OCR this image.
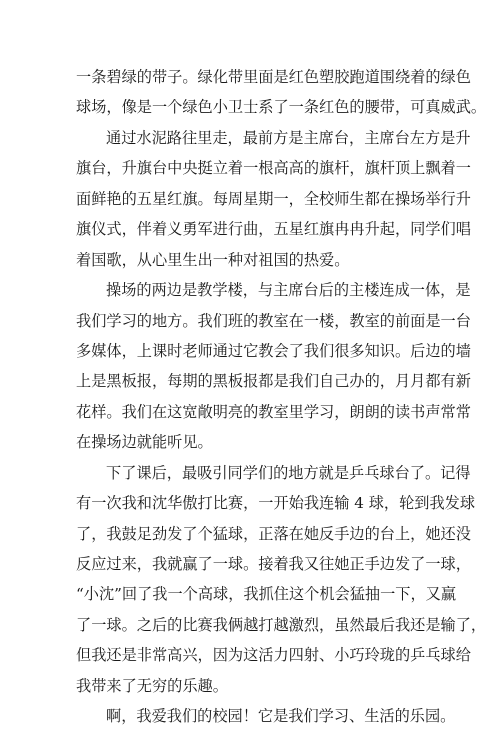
一条碧绿的带子。绿化带里面是红色塑胶跑道围绕着的绿色
球场，像是一个绿色小卫士系了一条红色的腰带，可真威武。
通过水泥路往里走，最前方是主席台，主席台左方是升
旗台，升旗台中央挺立着一根高高的旗杆，旗杆顶上飘着一
面鲜艳的五星红旗。每周星期一，全校师生都在操场举行升
旗仪式，伴着义勇军进行曲，五星红旗冉冉升起，同学们唱
着国歌，从心里生出一种对祖国的热爱。
操场的两边是教学楼，与主席台后的主楼连成一体，是
我们学习的地方。我们班的教室在一楼，教室的前面是一台
多媒体，上课时老师通过它教会了我们很多知识。后边的墙
上是黑板报，每期的黑板报都是我们自己办的，月月都有新
花样。我们在这宽敞明亮的教室里学习，朗朗的读书声常常
在操场边就能听见。
下了课后，最吸引同学们的地方就是乒乓球台了。记得
有一次我和沈华傲打比赛，一开始我连输 4 球，轮到我发球
了，我鼓足劲发了个猛球，正落在她反手边的台上，她还没
反应过来，我就赢了一球。接着我又往她正手边发了一球，
“小沈”回了我一个高球，我抓住这个机会猛抽一下，又赢
了一球。之后的比赛我俩越打越激烈，虽然最后我还是输了，
但我还是非常高兴，因为这活力四射、小巧玲珑的乒乓球给
我带来了无穷的乐趣。
啊，我爱我们的校园！它是我们学习、生活的乐园。
